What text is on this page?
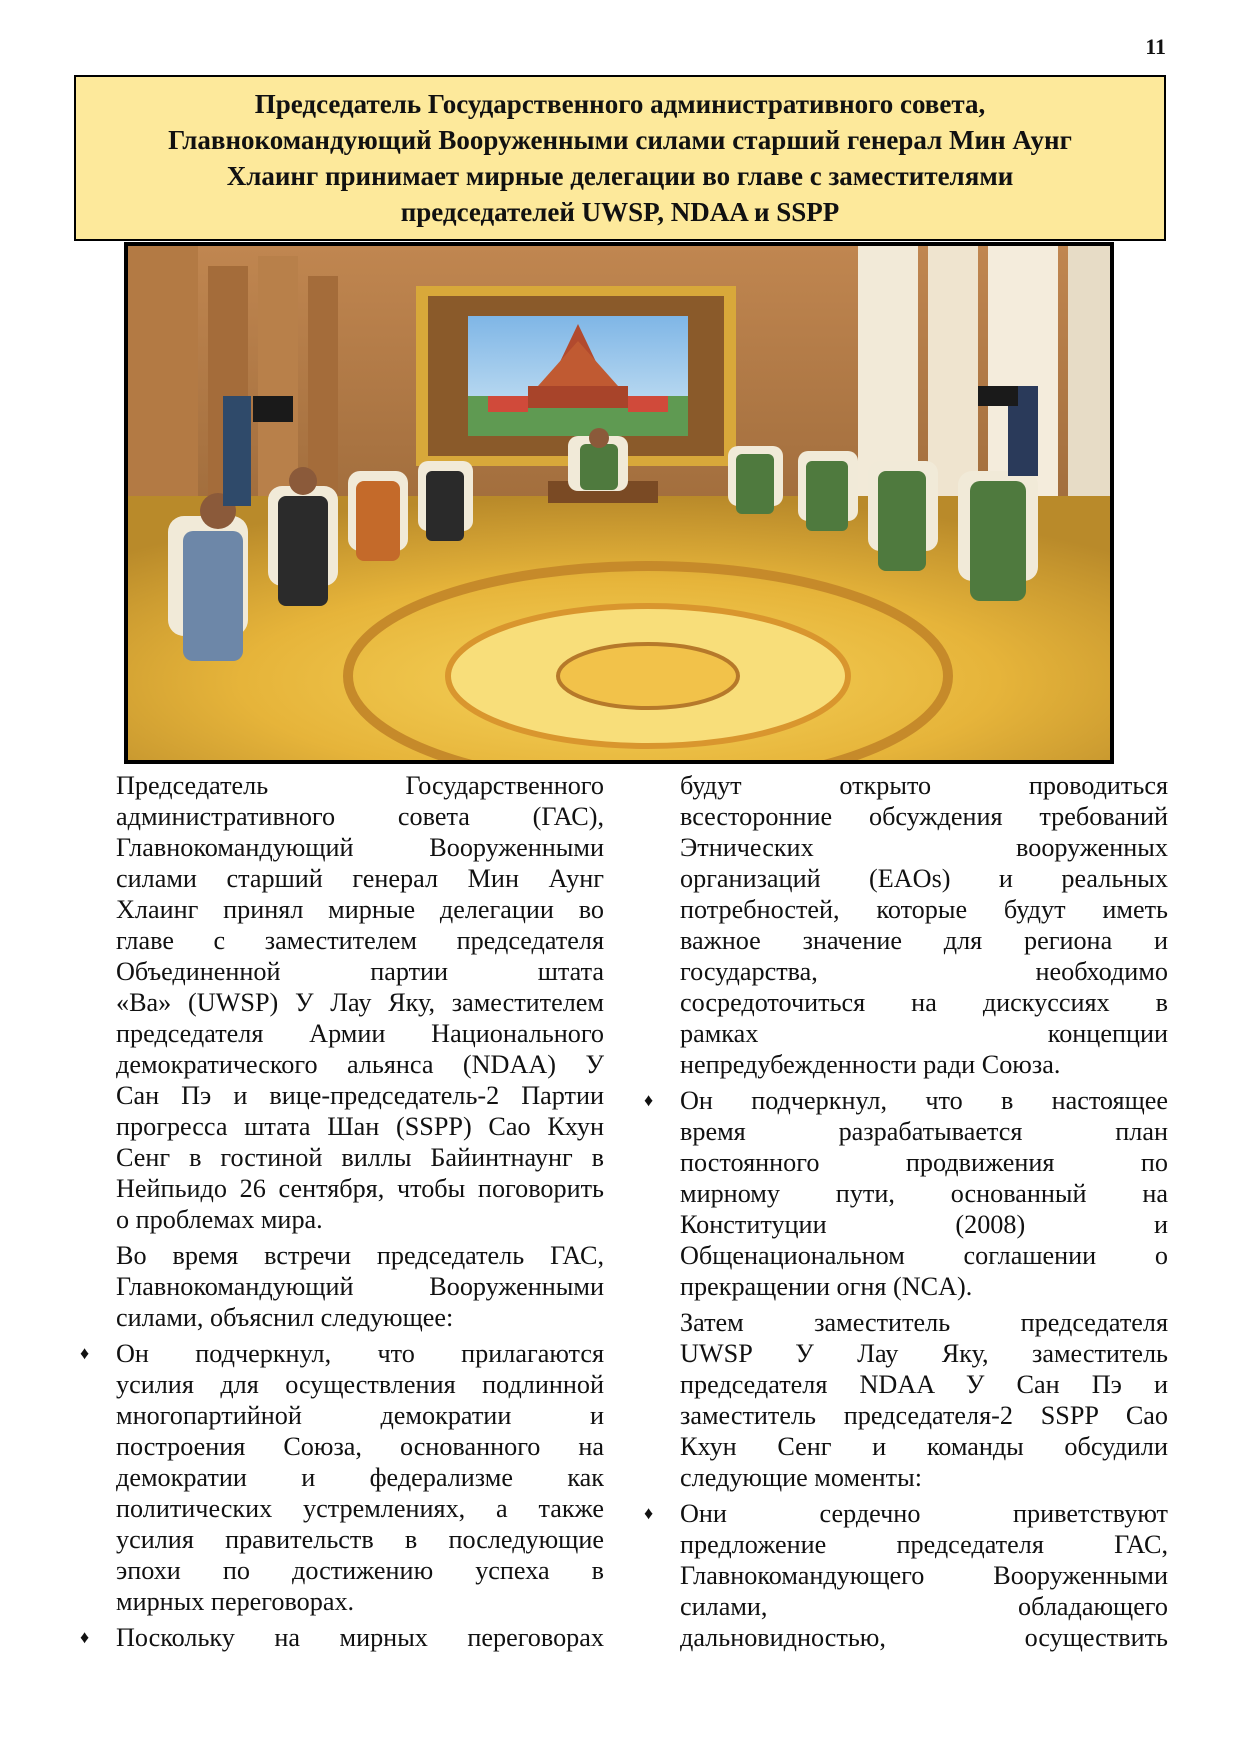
11
Председатель Государственного административного совета,
Главнокомандующий Вооруженными силами старший генерал Мин Аунг
Хлаинг принимает мирные делегации во главе с заместителями
председателей UWSP, NDAA и SSPP
Председатель Государственного
административного совета (ГАС),
Главнокомандующий Вооруженными
силами старший генерал Мин Аунг
Хлаинг принял мирные делегации во
главе с заместителем председателя
Объединенной партии штата
«Ва» (UWSP) У Лау Яку, заместителем
председателя Армии Национального
демократического альянса (NDAA) У
Сан Пэ и вице-председатель-2 Партии
прогресса штата Шан (SSPP) Сао Кхун
Сенг в гостиной виллы Байинтнаунг в
Нейпьидо 26 сентября, чтобы поговорить
о проблемах мира.
Во время встречи председатель ГАС,
Главнокомандующий Вооруженными
силами, объяснил следующее:
♦ Он подчеркнул, что прилагаются
усилия для осуществления подлинной
многопартийной демократии и
построения Союза, основанного на
демократии и федерализме как
политических устремлениях, а также
усилия правительств в последующие
эпохи по достижению успеха в
мирных переговорах.
♦ Поскольку на мирных переговорах
будут открыто проводиться
всесторонние обсуждения требований
Этнических вооруженных
организаций (EAOs) и реальных
потребностей, которые будут иметь
важное значение для региона и
государства, необходимо
сосредоточиться на дискуссиях в
рамках концепции
непредубежденности ради Союза.
♦ Он подчеркнул, что в настоящее
время разрабатывается план
постоянного продвижения по
мирному пути, основанный на
Конституции (2008) и
Общенациональном соглашении о
прекращении огня (NCA).
Затем заместитель председателя
UWSP У Лау Яку, заместитель
председателя NDAA У Сан Пэ и
заместитель председателя-2 SSPP Сао
Кхун Сенг и команды обсудили
следующие моменты:
♦ Они сердечно приветствуют
предложение председателя ГАС,
Главнокомандующего Вооруженными
силами, обладающего
дальновидностью, осуществить
